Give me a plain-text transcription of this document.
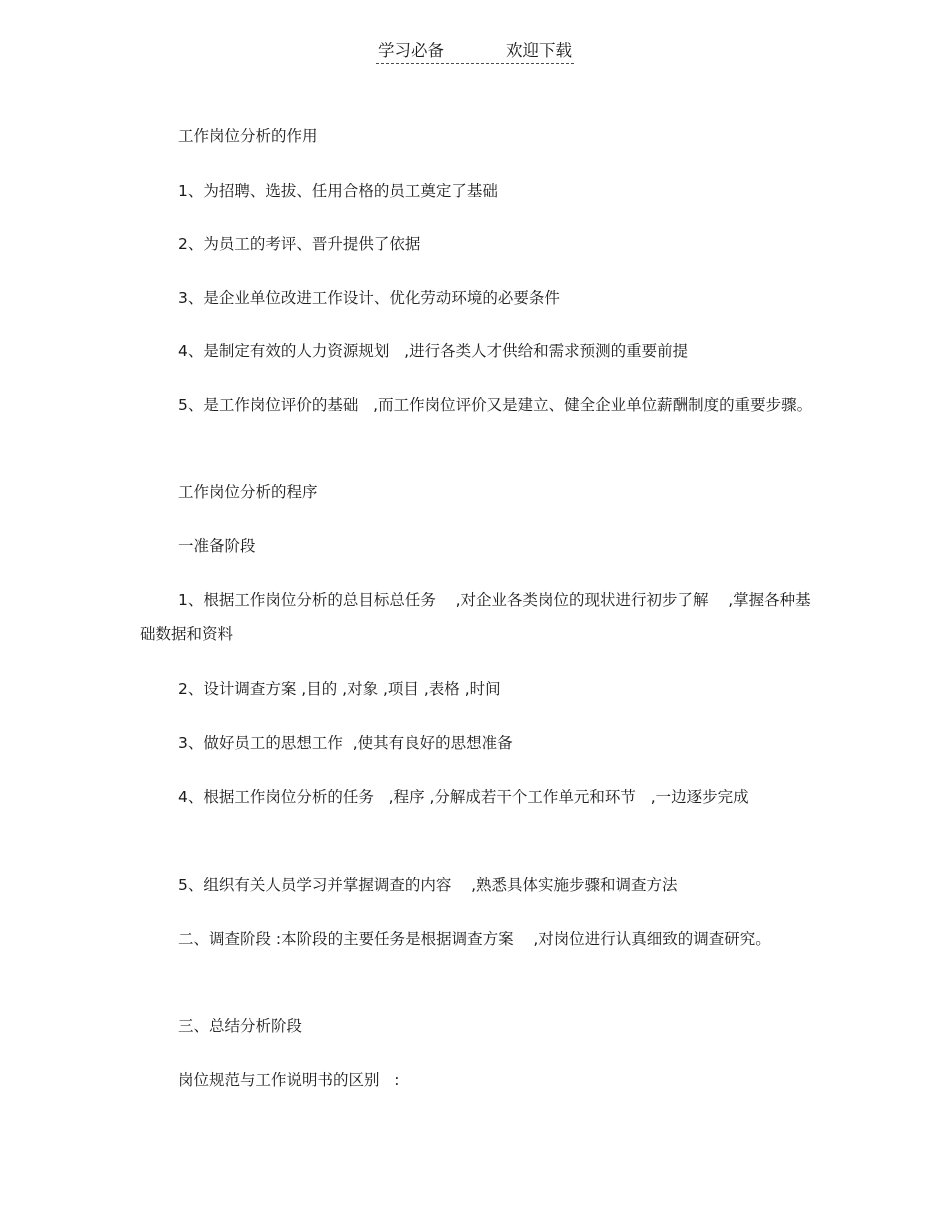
学习必备	欢迎下载

工作岗位分析的作用

1、为招聘、选拔、任用合格的员工奠定了基础

2、为员工的考评、晋升提供了依据

3、是企业单位改进工作设计、优化劳动环境的必要条件

4、是制定有效的人力资源规划   ,进行各类人才供给和需求预测的重要前提

5、是工作岗位评价的基础   ,而工作岗位评价又是建立、健全企业单位薪酬制度的重要步骤。

工作岗位分析的程序

一准备阶段

1、根据工作岗位分析的总目标总任务    ,对企业各类岗位的现状进行初步了解    ,掌握各种基础数据和资料

2、设计调查方案 ,目的 ,对象 ,项目 ,表格 ,时间

3、做好员工的思想工作  ,使其有良好的思想准备

4、根据工作岗位分析的任务   ,程序 ,分解成若干个工作单元和环节   ,一边逐步完成

5、组织有关人员学习并掌握调查的内容    ,熟悉具体实施步骤和调查方法

二、调查阶段 :本阶段的主要任务是根据调查方案    ,对岗位进行认真细致的调查研究。

三、总结分析阶段

岗位规范与工作说明书的区别   :
